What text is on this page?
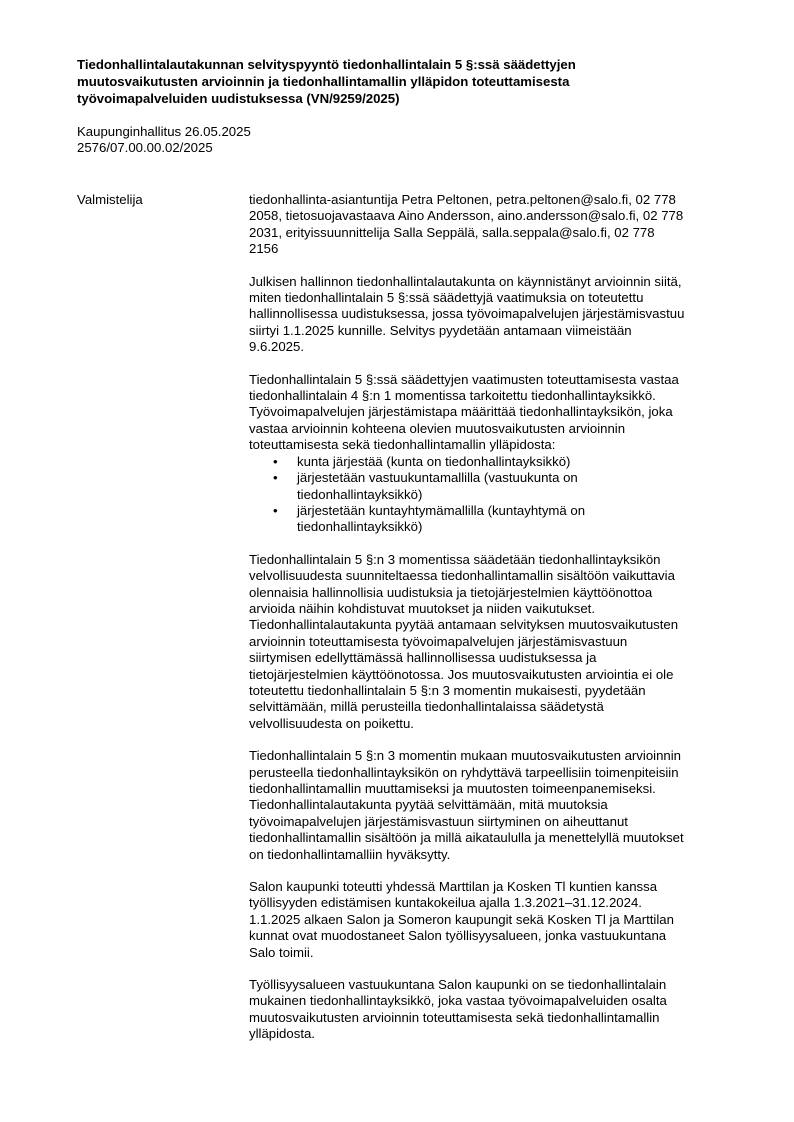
Tiedonhallintalautakunnan selvityspyyntö tiedonhallintalain 5 §:ssä säädettyjen
muutosvaikutusten arvioinnin ja tiedonhallintamallin ylläpidon toteuttamisesta
työvoimapalveluiden uudistuksessa (VN/9259/2025)
Kaupunginhallitus 26.05.2025
2576/07.00.00.02/2025
Valmistelija	tiedonhallinta-asiantuntija Petra Peltonen, petra.peltonen@salo.fi, 02 778
2058, tietosuojavastaava Aino Andersson, aino.andersson@salo.fi, 02 778
2031, erityissuunnittelija Salla Seppälä, salla.seppala@salo.fi, 02 778
2156
Julkisen hallinnon tiedonhallintalautakunta on käynnistänyt arvioinnin siitä,
miten tiedonhallintalain 5 §:ssä säädettyjä vaatimuksia on toteutettu
hallinnollisessa uudistuksessa, jossa työvoimapalvelujen järjestämisvastuu
siirtyi 1.1.2025 kunnille. Selvitys pyydetään antamaan viimeistään
9.6.2025.
Tiedonhallintalain 5 §:ssä säädettyjen vaatimusten toteuttamisesta vastaa
tiedonhallintalain 4 §:n 1 momentissa tarkoitettu tiedonhallintayksikkö.
Työvoimapalvelujen järjestämistapa määrittää tiedonhallintayksikön, joka
vastaa arvioinnin kohteena olevien muutosvaikutusten arvioinnin
toteuttamisesta sekä tiedonhallintamallin ylläpidosta:
• kunta järjestää (kunta on tiedonhallintayksikkö)
• järjestetään vastuukuntamallilla (vastuukunta on
tiedonhallintayksikkö)
• järjestetään kuntayhtymämallilla (kuntayhtymä on
tiedonhallintayksikkö)
Tiedonhallintalain 5 §:n 3 momentissa säädetään tiedonhallintayksikön
velvollisuudesta suunniteltaessa tiedonhallintamallin sisältöön vaikuttavia
olennaisia hallinnollisia uudistuksia ja tietojärjestelmien käyttöönottoa
arvioida näihin kohdistuvat muutokset ja niiden vaikutukset.
Tiedonhallintalautakunta pyytää antamaan selvityksen muutosvaikutusten
arvioinnin toteuttamisesta työvoimapalvelujen järjestämisvastuun
siirtymisen edellyttämässä hallinnollisessa uudistuksessa ja
tietojärjestelmien käyttöönotossa. Jos muutosvaikutusten arviointia ei ole
toteutettu tiedonhallintalain 5 §:n 3 momentin mukaisesti, pyydetään
selvittämään, millä perusteilla tiedonhallintalaissa säädetystä
velvollisuudesta on poikettu.
Tiedonhallintalain 5 §:n 3 momentin mukaan muutosvaikutusten arvioinnin
perusteella tiedonhallintayksikön on ryhdyttävä tarpeellisiin toimenpiteisiin
tiedonhallintamallin muuttamiseksi ja muutosten toimeenpanemiseksi.
Tiedonhallintalautakunta pyytää selvittämään, mitä muutoksia
työvoimapalvelujen järjestämisvastuun siirtyminen on aiheuttanut
tiedonhallintamallin sisältöön ja millä aikataululla ja menettelyllä muutokset
on tiedonhallintamalliin hyväksytty.
Salon kaupunki toteutti yhdessä Marttilan ja Kosken Tl kuntien kanssa
työllisyyden edistämisen kuntakokeilua ajalla 1.3.2021–31.12.2024.
1.1.2025 alkaen Salon ja Someron kaupungit sekä Kosken Tl ja Marttilan
kunnat ovat muodostaneet Salon työllisyysalueen, jonka vastuukuntana
Salo toimii.
Työllisyysalueen vastuukuntana Salon kaupunki on se tiedonhallintalain
mukainen tiedonhallintayksikkö, joka vastaa työvoimapalveluiden osalta
muutosvaikutusten arvioinnin toteuttamisesta sekä tiedonhallintamallin
ylläpidosta.
